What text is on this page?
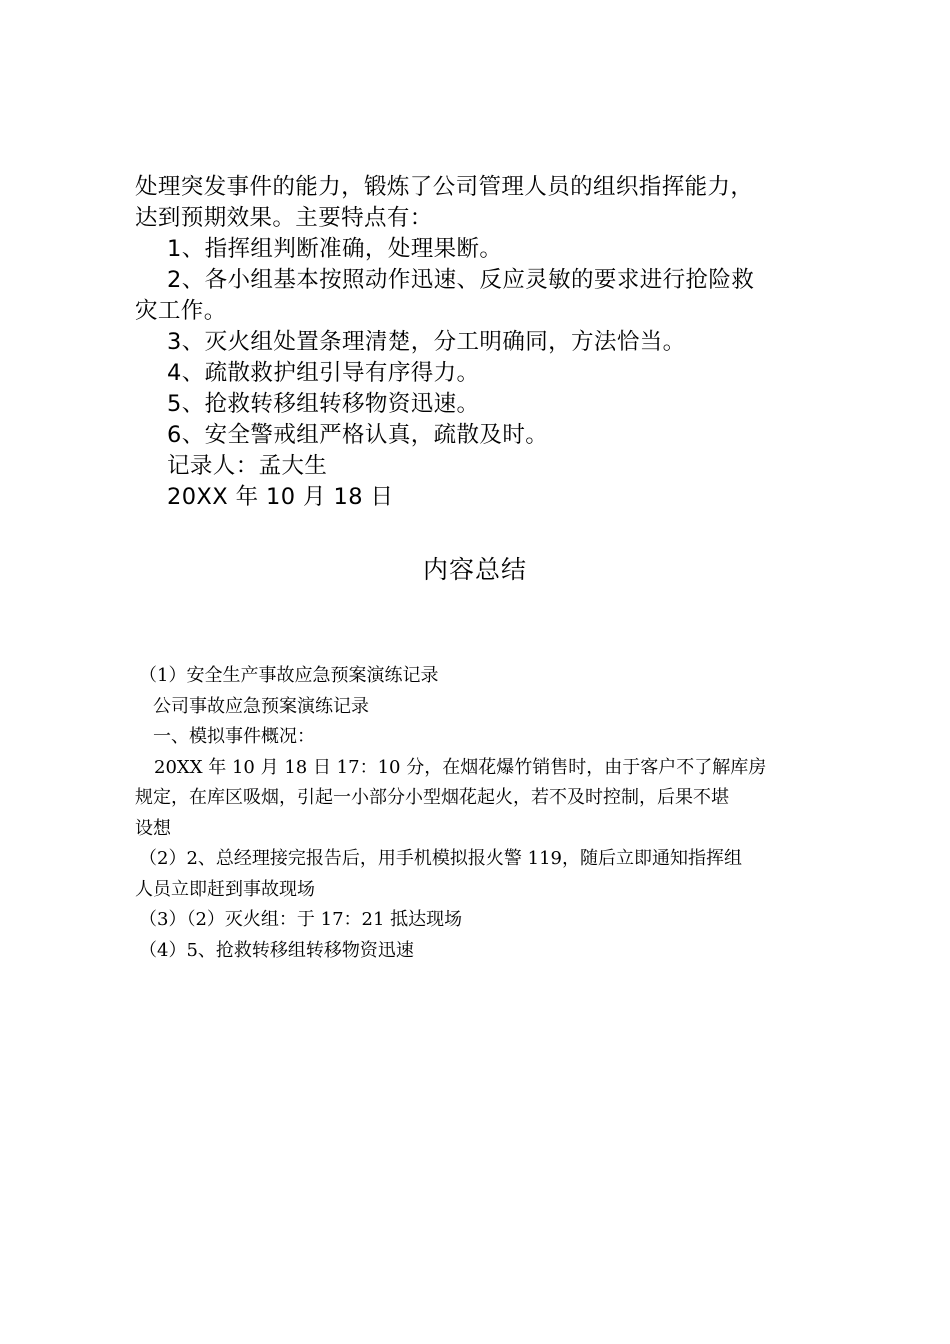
处理突发事件的能力，锻炼了公司管理人员的组织指挥能力，

达到预期效果。主要特点有：

1、指挥组判断准确，处理果断。

2、各小组基本按照动作迅速、反应灵敏的要求进行抢险救

灾工作。

3、灭火组处置条理清楚，分工明确同，方法恰当。

4、疏散救护组引导有序得力。

5、抢救转移组转移物资迅速。

6、安全警戒组严格认真，疏散及时。

记录人：孟大生

20XX 年 10 月 18 日

内容总结

（1）安全生产事故应急预案演练记录

公司事故应急预案演练记录

一、模拟事件概况：

20XX 年 10 月 18 日 17：10 分，在烟花爆竹销售时，由于客户不了解库房

规定，在库区吸烟，引起一小部分小型烟花起火，若不及时控制，后果不堪

设想

（2）2、总经理接完报告后，用手机模拟报火警 119，随后立即通知指挥组

人员立即赶到事故现场

（3）（2）灭火组：于 17：21 抵达现场

（4）5、抢救转移组转移物资迅速
